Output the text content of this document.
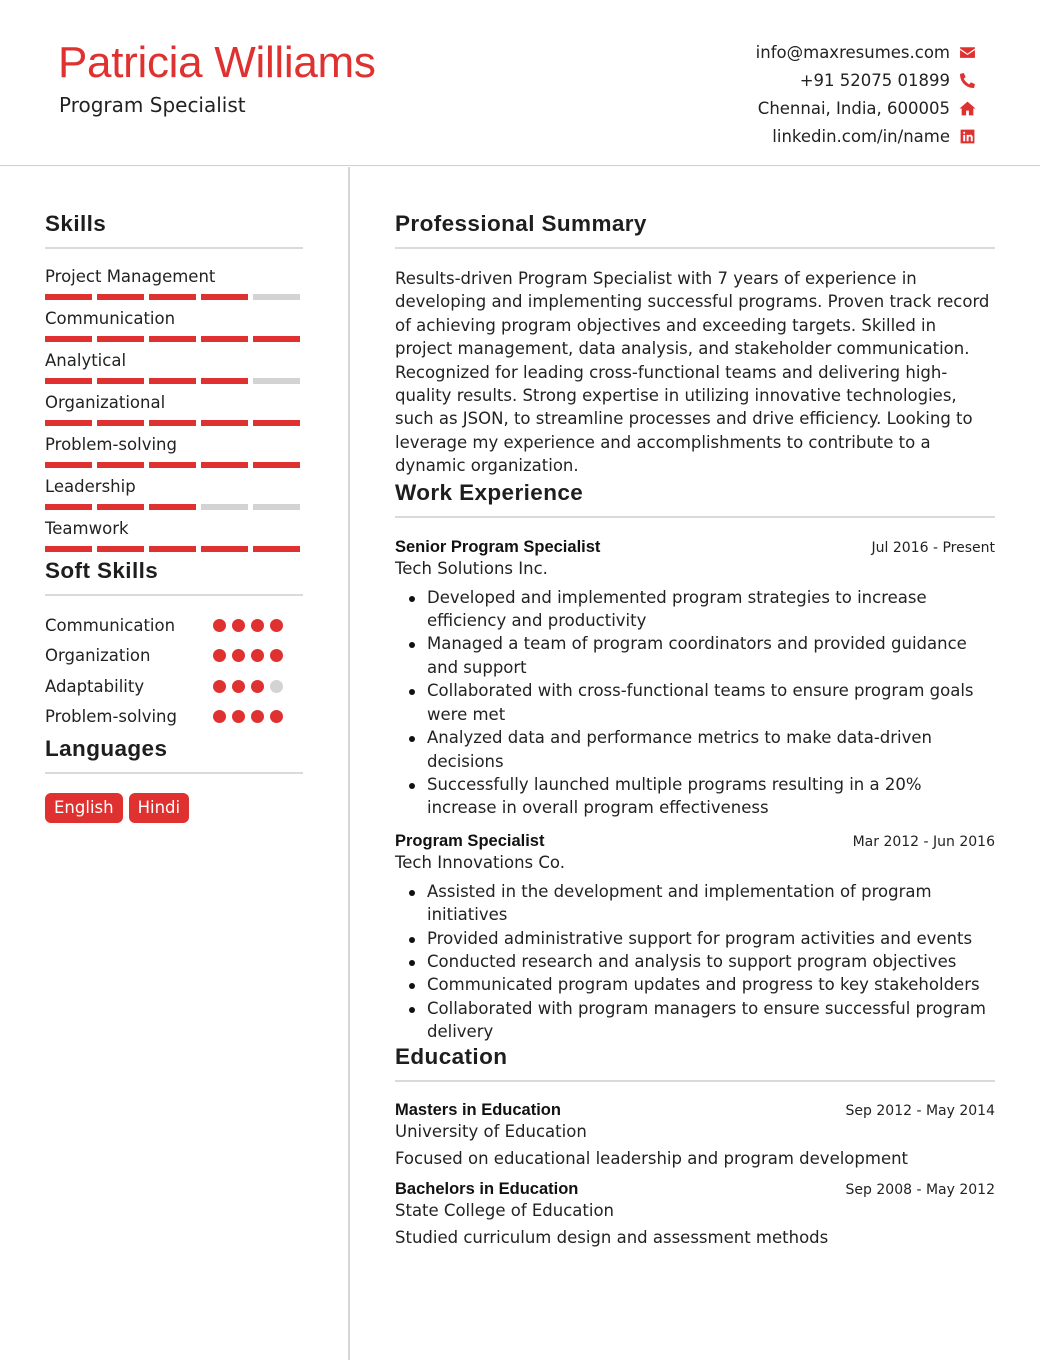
Patricia Williams
Program Specialist
info@maxresumes.com
+91 52075 01899
Chennai, India, 600005
linkedin.com/in/name
Skills
Project Management
Communication
Analytical
Organizational
Problem-solving
Leadership
Teamwork
Soft Skills
Communication
Organization
Adaptability
Problem-solving
Languages
English	Hindi
Professional Summary

Results-driven Program Specialist with 7 years of experience in developing and implementing successful programs. Proven track record of achieving program objectives and exceeding targets. Skilled in project management, data analysis, and stakeholder communication. Recognized for leading cross-functional teams and delivering high-quality results. Strong expertise in utilizing innovative technologies, such as JSON, to streamline processes and drive efficiency. Looking to leverage my experience and accomplishments to contribute to a dynamic organization.

Work Experience
Senior Program Specialist	Jul 2016 - Present
Tech Solutions Inc.
Developed and implemented program strategies to increase efficiency and productivity
Managed a team of program coordinators and provided guidance and support
Collaborated with cross-functional teams to ensure program goals were met
Analyzed data and performance metrics to make data-driven decisions
Successfully launched multiple programs resulting in a 20% increase in overall program effectiveness
Program Specialist	Mar 2012 - Jun 2016
Tech Innovations Co.
Assisted in the development and implementation of program initiatives
Provided administrative support for program activities and events
Conducted research and analysis to support program objectives
Communicated program updates and progress to key stakeholders
Collaborated with program managers to ensure successful program delivery
Education
Masters in Education	Sep 2012 - May 2014
University of Education
Focused on educational leadership and program development
Bachelors in Education	Sep 2008 - May 2012
State College of Education
Studied curriculum design and assessment methods
